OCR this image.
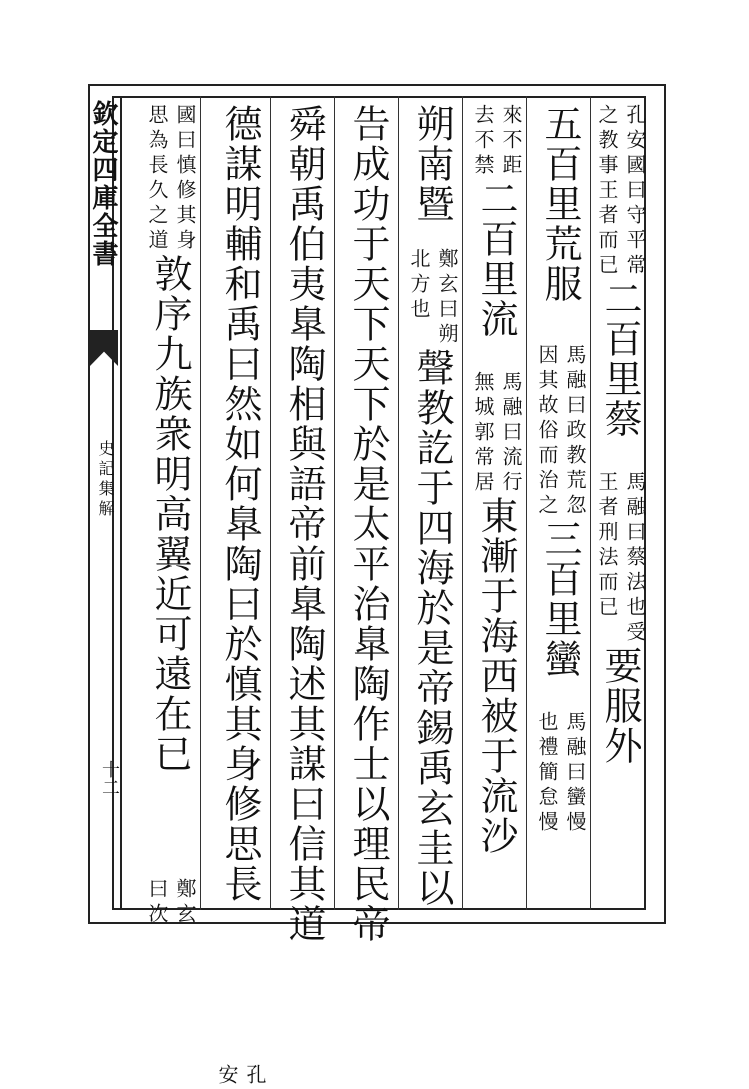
欽定四庫全書
史記集解
十二
孔安國曰守平常
之教事王者而已
二百里蔡
馬融曰蔡法也受
王者刑法而已
要服外
五百里荒服
馬融曰政教荒忽
因其故俗而治之
三百里蠻
馬融曰蠻慢
也禮簡怠慢
來不距
去不禁
二百里流
馬融曰流行
無城郭常居
東漸于海西被于流沙
朔南暨
鄭玄曰朔
北方也
聲教訖于四海於是帝錫禹玄圭以
告成功于天下天下於是太平治臯陶作士以理民帝
舜朝禹伯夷臯陶相與語帝前臯陶述其謀曰信其道
德謀明輔和禹曰然如何臯陶曰於慎其身修思長
孔
安
國曰慎修其身
思為長久之道
敦序九族衆明高翼近可遠在已
鄭玄
曰次
